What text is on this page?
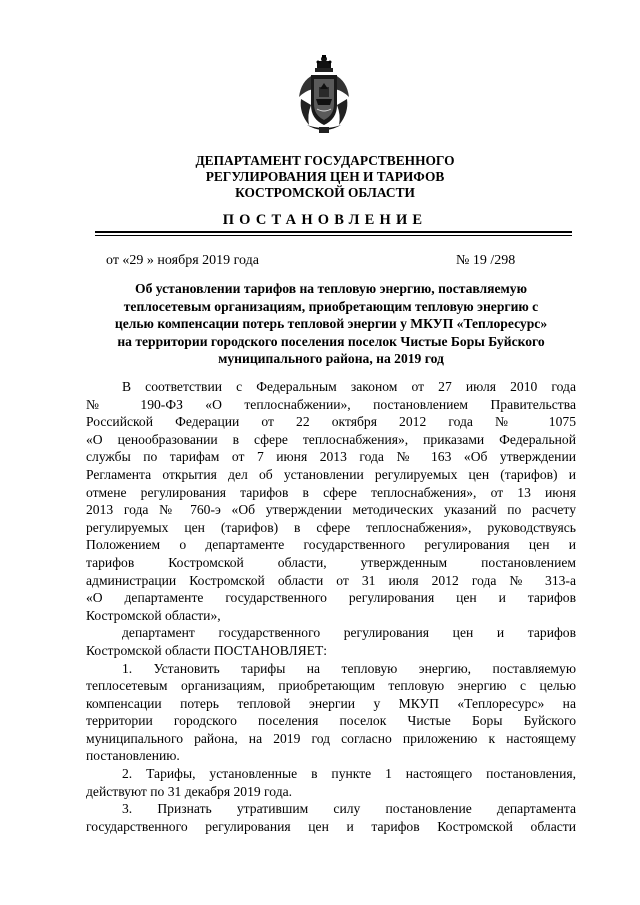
ДЕПАРТАМЕНТ ГОСУДАРСТВЕННОГО
РЕГУЛИРОВАНИЯ ЦЕН И ТАРИФОВ
КОСТРОМСКОЙ ОБЛАСТИ
ПОСТАНОВЛЕНИЕ
от «29 » ноября 2019 года	№ 19 /298
Об установлении тарифов на тепловую энергию, поставляемую
теплосетевым организациям, приобретающим тепловую энергию с
целью компенсации потерь тепловой энергии у МКУП «Теплоресурс»
на территории городского поселения поселок Чистые Боры Буйского
муниципального района, на 2019 год
В соответствии с Федеральным законом от 27 июля 2010 года
№ 190-ФЗ «О теплоснабжении», постановлением Правительства
Российской Федерации от 22 октября 2012 года № 1075
«О ценообразовании в сфере теплоснабжения», приказами Федеральной
службы по тарифам от 7 июня 2013 года № 163 «Об утверждении
Регламента открытия дел об установлении регулируемых цен (тарифов) и
отмене регулирования тарифов в сфере теплоснабжения», от 13 июня
2013 года № 760-э «Об утверждении методических указаний по расчету
регулируемых цен (тарифов) в сфере теплоснабжения», руководствуясь
Положением о департаменте государственного регулирования цен и
тарифов Костромской области, утвержденным постановлением
администрации Костромской области от 31 июля 2012 года № 313-а
«О департаменте государственного регулирования цен и тарифов
Костромской области»,
департамент государственного регулирования цен и тарифов
Костромской области ПОСТАНОВЛЯЕТ:
1. Установить тарифы на тепловую энергию, поставляемую
теплосетевым организациям, приобретающим тепловую энергию с целью
компенсации потерь тепловой энергии у МКУП «Теплоресурс» на
территории городского поселения поселок Чистые Боры Буйского
муниципального района, на 2019 год согласно приложению к настоящему
постановлению.
2. Тарифы, установленные в пункте 1 настоящего постановления,
действуют по 31 декабря 2019 года.
3. Признать утратившим силу постановление департамента
государственного регулирования цен и тарифов Костромской области
